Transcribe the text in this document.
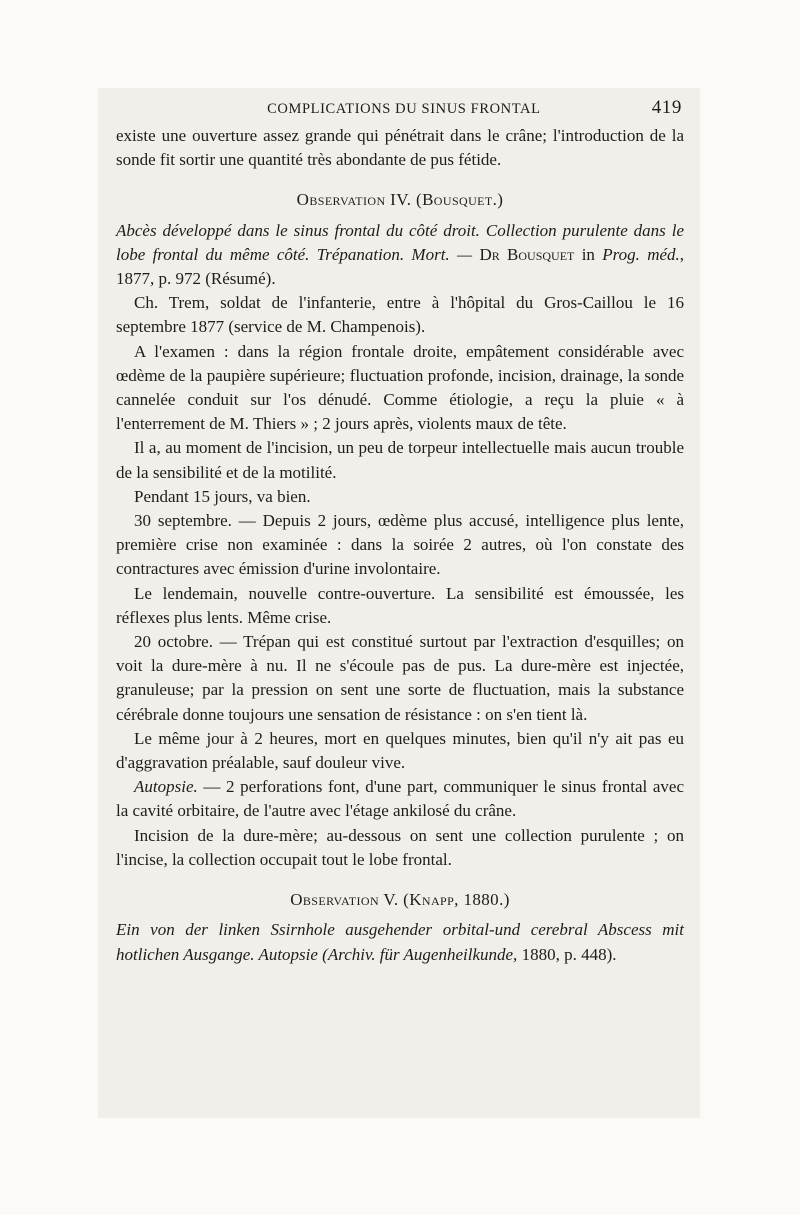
COMPLICATIONS DU SINUS FRONTAL	419

existe une ouverture assez grande qui pénétrait dans le crâne; l'introduction de la sonde fit sortir une quantité très abondante de pus fétide.

Observation IV. (Bousquet.)

Abcès développé dans le sinus frontal du côté droit. Collection purulente dans le lobe frontal du même côté. Trépanation. Mort. — Dr Bousquet in Prog. méd., 1877, p. 972 (Résumé).

Ch. Trem, soldat de l'infanterie, entre à l'hôpital du Gros-Caillou le 16 septembre 1877 (service de M. Champenois).

A l'examen : dans la région frontale droite, empâtement considérable avec œdème de la paupière supérieure; fluctuation profonde, incision, drainage, la sonde cannelée conduit sur l'os dénudé. Comme étiologie, a reçu la pluie « à l'enterrement de M. Thiers » ; 2 jours après, violents maux de tête.

Il a, au moment de l'incision, un peu de torpeur intellectuelle mais aucun trouble de la sensibilité et de la motilité.

Pendant 15 jours, va bien.

30 septembre. — Depuis 2 jours, œdème plus accusé, intelligence plus lente, première crise non examinée : dans la soirée 2 autres, où l'on constate des contractures avec émission d'urine involontaire.

Le lendemain, nouvelle contre-ouverture. La sensibilité est émoussée, les réflexes plus lents. Même crise.

20 octobre. — Trépan qui est constitué surtout par l'extraction d'esquilles; on voit la dure-mère à nu. Il ne s'écoule pas de pus. La dure-mère est injectée, granuleuse; par la pression on sent une sorte de fluctuation, mais la substance cérébrale donne toujours une sensation de résistance : on s'en tient là.

Le même jour à 2 heures, mort en quelques minutes, bien qu'il n'y ait pas eu d'aggravation préalable, sauf douleur vive.

Autopsie. — 2 perforations font, d'une part, communiquer le sinus frontal avec la cavité orbitaire, de l'autre avec l'étage ankilosé du crâne.

Incision de la dure-mère; au-dessous on sent une collection purulente ; on l'incise, la collection occupait tout le lobe frontal.

Observation V. (Knapp, 1880.)

Ein von der linken Ssirnhole ausgehender orbital-und cerebral Abscess mit hotlichen Ausgange. Autopsie (Archiv. für Augenheilkunde, 1880, p. 448).
